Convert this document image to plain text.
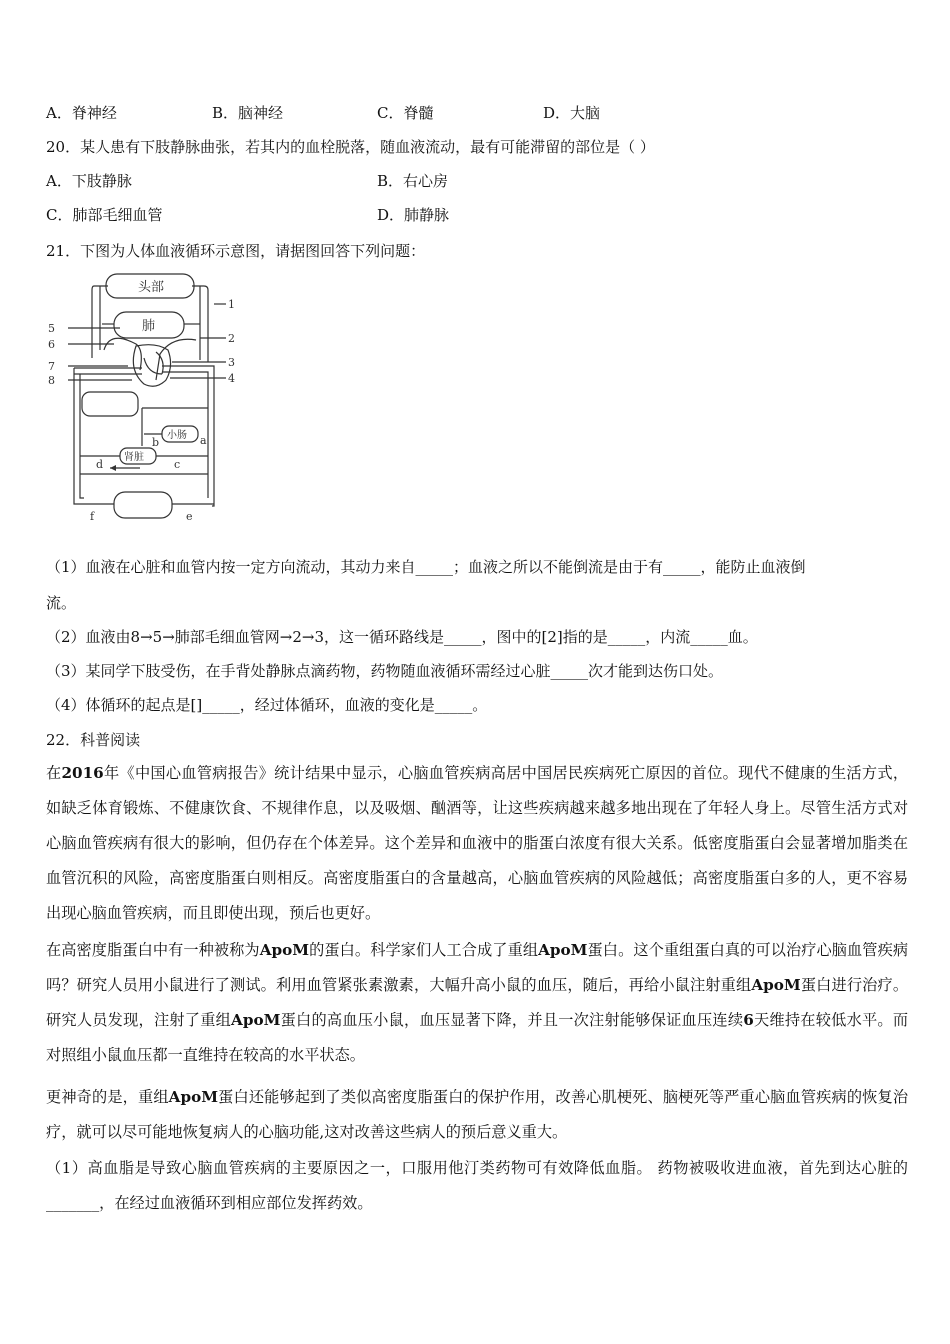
A．脊神经	B．脑神经	C．脊髓	D．大脑
20．某人患有下肢静脉曲张，若其内的血栓脱落，随血液流动，最有可能滞留的部位是（ ）
A．下肢静脉	B．右心房
C．肺部毛细血管	D．肺静脉
21．下图为人体血液循环示意图，请据图回答下列问题：
头部
肺
小肠
肾脏
1
2
3
4
5
6
7
8
a
b
c
d
e
f
（1）血液在心脏和血管内按一定方向流动，其动力来自_____；血液之所以不能倒流是由于有_____，能防止血液倒
流。
（2）血液由8→5→肺部毛细血管网→2→3，这一循环路线是_____，图中的[2]指的是_____，内流_____血。
（3）某同学下肢受伤，在手背处静脉点滴药物，药物随血液循环需经过心脏_____次才能到达伤口处。
（4）体循环的起点是[]_____，经过体循环，血液的变化是_____。
22．科普阅读
在2016年《中国心血管病报告》统计结果中显示，心脑血管疾病高居中国居民疾病死亡原因的首位。现代不健康的生活方式，如缺乏体育锻炼、不健康饮食、不规律作息，以及吸烟、酗酒等，让这些疾病越来越多地出现在了年轻人身上。尽管生活方式对心脑血管疾病有很大的影响，但仍存在个体差异。这个差异和血液中的脂蛋白浓度有很大关系。低密度脂蛋白会显著增加脂类在血管沉积的风险，高密度脂蛋白则相反。高密度脂蛋白的含量越高，心脑血管疾病的风险越低；高密度脂蛋白多的人，更不容易出现心脑血管疾病，而且即使出现，预后也更好。
在高密度脂蛋白中有一种被称为ApoM的蛋白。科学家们人工合成了重组ApoM蛋白。这个重组蛋白真的可以治疗心脑血管疾病吗？研究人员用小鼠进行了测试。利用血管紧张素激素，大幅升高小鼠的血压，随后，再给小鼠注射重组ApoM蛋白进行治疗。研究人员发现，注射了重组ApoM蛋白的高血压小鼠，血压显著下降，并且一次注射能够保证血压连续6天维持在较低水平。而对照组小鼠血压都一直维持在较高的水平状态。
更神奇的是，重组ApoM蛋白还能够起到了类似高密度脂蛋白的保护作用，改善心肌梗死、脑梗死等严重心脑血管疾病的恢复治疗，就可以尽可能地恢复病人的心脑功能,这对改善这些病人的预后意义重大。
（1）高血脂是导致心脑血管疾病的主要原因之一，口服用他汀类药物可有效降低血脂。 药物被吸收进血液，首先到达心脏的_______，在经过血液循环到相应部位发挥药效。
